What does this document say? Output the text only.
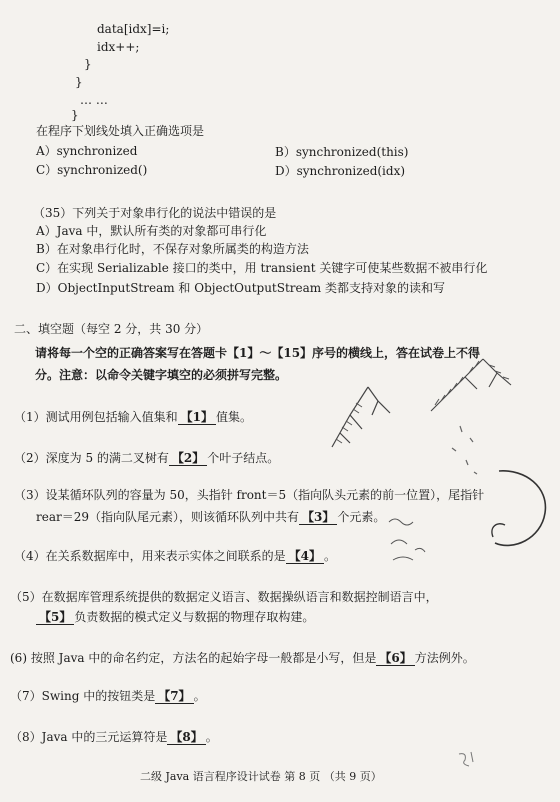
data[idx]=i;
idx++;
}
}
… …
}
在程序下划线处填入正确选项是
A）synchronized	B）synchronized(this)
C）synchronized()	D）synchronized(idx)
（35）下列关于对象串行化的说法中错误的是
A）Java 中，默认所有类的对象都可串行化
B）在对象串行化时，不保存对象所属类的构造方法
C）在实现 Serializable 接口的类中，用 transient 关键字可使某些数据不被串行化
D）ObjectInputStream 和 ObjectOutputStream 类都支持对象的读和写
二、填空题（每空 2 分，共 30 分）
请将每一个空的正确答案写在答题卡【1】～【15】序号的横线上，答在试卷上不得
分。注意：以命令关键字填空的必须拼写完整。
（1）测试用例包括输入值集和 【1】 值集。
（2）深度为 5 的满二叉树有 【2】 个叶子结点。
（3）设某循环队列的容量为 50，头指针 front＝5（指向队头元素的前一位置），尾指针
rear＝29（指向队尾元素），则该循环队列中共有 【3】 个元素。
（4）在关系数据库中，用来表示实体之间联系的是 【4】 。
（5）在数据库管理系统提供的数据定义语言、数据操纵语言和数据控制语言中，
【5】 负责数据的模式定义与数据的物理存取构建。
(6) 按照 Java 中的命名约定，方法名的起始字母一般都是小写，但是 【6】 方法例外。
（7）Swing 中的按钮类是 【7】 。
（8）Java 中的三元运算符是 【8】 。
二级 Java 语言程序设计试卷 第 8 页 （共 9 页）
